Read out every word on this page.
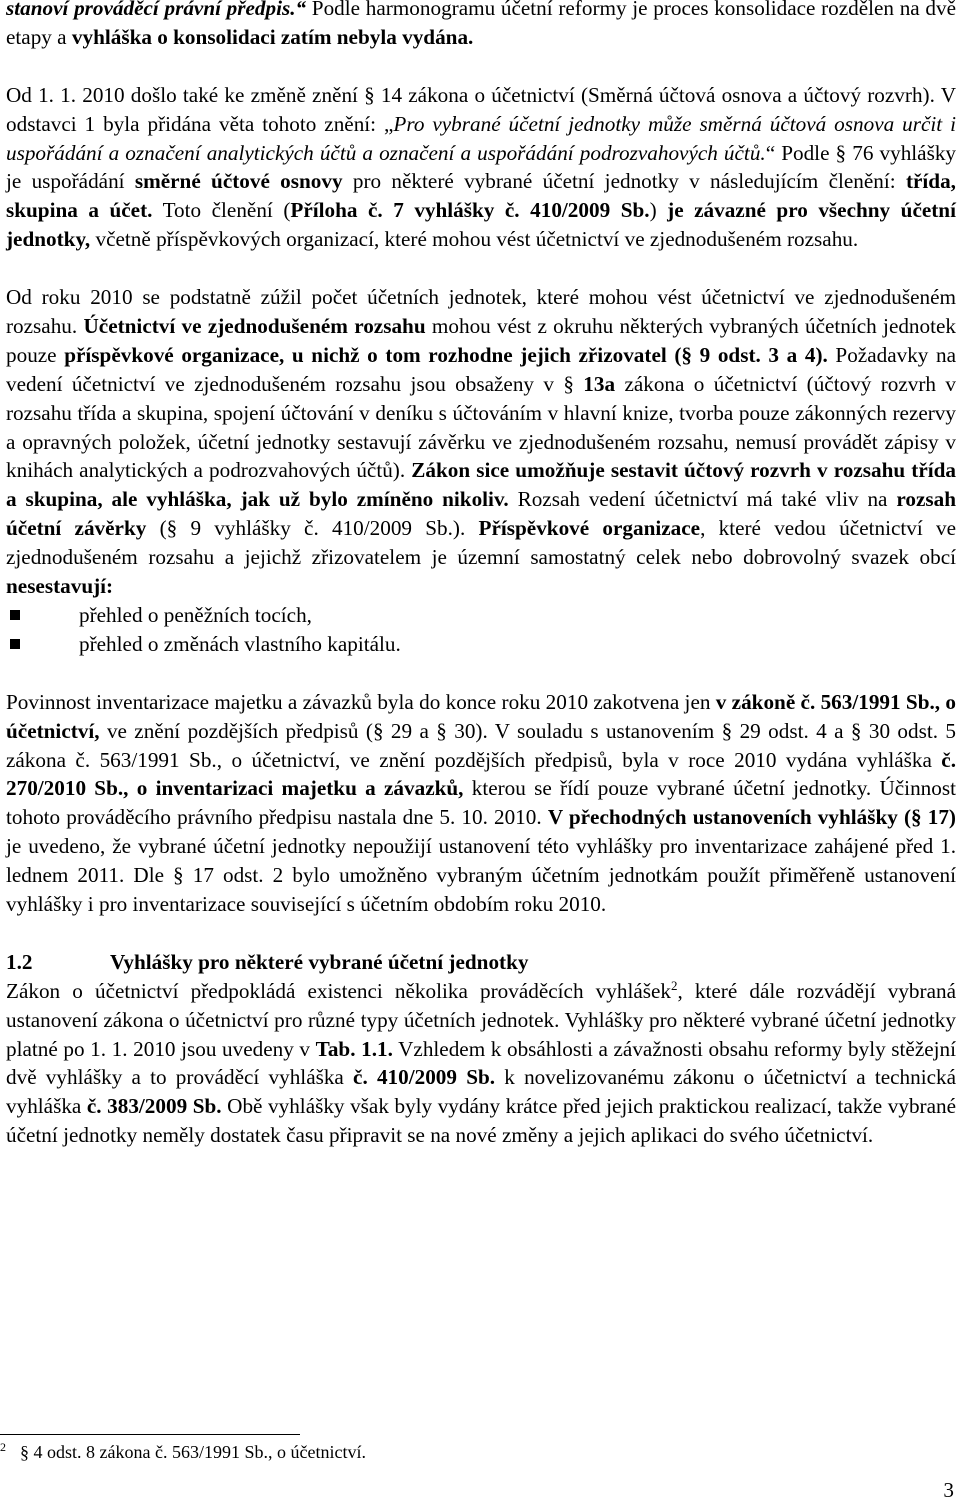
stanoví prováděcí právní předpis.“ Podle harmonogramu účetní reformy je proces konsolidace rozdělen na dvě etapy a vyhláška o konsolidaci zatím nebyla vydána.

Od 1. 1. 2010 došlo také ke změně znění § 14 zákona o účetnictví (Směrná účtová osnova a účtový rozvrh). V odstavci 1 byla přidána věta tohoto znění: „Pro vybrané účetní jednotky může směrná účtová osnova určit i uspořádání a označení analytických účtů a označení a uspořádání podrozvahových účtů.“ Podle § 76 vyhlášky je uspořádání směrné účtové osnovy pro některé vybrané účetní jednotky v následujícím členění: třída, skupina a účet. Toto členění (Příloha č. 7 vyhlášky č. 410/2009 Sb.) je závazné pro všechny účetní jednotky, včetně příspěvkových organizací, které mohou vést účetnictví ve zjednodušeném rozsahu.

Od roku 2010 se podstatně zúžil počet účetních jednotek, které mohou vést účetnictví ve zjednodušeném rozsahu. Účetnictví ve zjednodušeném rozsahu mohou vést z okruhu některých vybraných účetních jednotek pouze příspěvkové organizace, u nichž o tom rozhodne jejich zřizovatel (§ 9 odst. 3 a 4). Požadavky na vedení účetnictví ve zjednodušeném rozsahu jsou obsaženy v § 13a zákona o účetnictví (účtový rozvrh v rozsahu třída a skupina, spojení účtování v deníku s účtováním v hlavní knize, tvorba pouze zákonných rezervy a opravných položek, účetní jednotky sestavují závěrku ve zjednodušeném rozsahu, nemusí provádět zápisy v knihách analytických a podrozvahových účtů). Zákon sice umožňuje sestavit účtový rozvrh v rozsahu třída a skupina, ale vyhláška, jak už bylo zmíněno nikoliv. Rozsah vedení účetnictví má také vliv na rozsah účetní závěrky (§ 9 vyhlášky č. 410/2009 Sb.). Příspěvkové organizace, které vedou účetnictví ve zjednodušeném rozsahu a jejichž zřizovatelem je územní samostatný celek nebo dobrovolný svazek obcí nesestavují:

přehled o peněžních tocích,
přehled o změnách vlastního kapitálu.

Povinnost inventarizace majetku a závazků byla do konce roku 2010 zakotvena jen v zákoně č. 563/1991 Sb., o účetnictví, ve znění pozdějších předpisů (§ 29 a § 30). V souladu s ustanovením § 29 odst. 4 a § 30 odst. 5 zákona č. 563/1991 Sb., o účetnictví, ve znění pozdějších předpisů, byla v roce 2010 vydána vyhláška č. 270/2010 Sb., o inventarizaci majetku a závazků, kterou se řídí pouze vybrané účetní jednotky. Účinnost tohoto prováděcího právního předpisu nastala dne 5. 10. 2010. V přechodných ustanoveních vyhlášky (§ 17) je uvedeno, že vybrané účetní jednotky nepoužijí ustanovení této vyhlášky pro inventarizace zahájené před 1. lednem 2011. Dle § 17 odst. 2 bylo umožněno vybraným účetním jednotkám použít přiměřeně ustanovení vyhlášky i pro inventarizace související s účetním obdobím roku 2010.

1.2	Vyhlášky pro některé vybrané účetní jednotky

Zákon o účetnictví předpokládá existenci několika prováděcích vyhlášek$^2$, které dále rozvádějí vybraná ustanovení zákona o účetnictví pro různé typy účetních jednotek. Vyhlášky pro některé vybrané účetní jednotky platné po 1. 1. 2010 jsou uvedeny v Tab. 1.1. Vzhledem k obsáhlosti a závažnosti obsahu reformy byly stěžejní dvě vyhlášky a to prováděcí vyhláška č. 410/2009 Sb. k novelizovanému zákonu o účetnictví a technická vyhláška č. 383/2009 Sb. Obě vyhlášky však byly vydány krátce před jejich praktickou realizací, takže vybrané účetní jednotky neměly dostatek času připravit se na nové změny a jejich aplikaci do svého účetnictví.

$^2$ § 4 odst. 8 zákona č. 563/1991 Sb., o účetnictví.
3
